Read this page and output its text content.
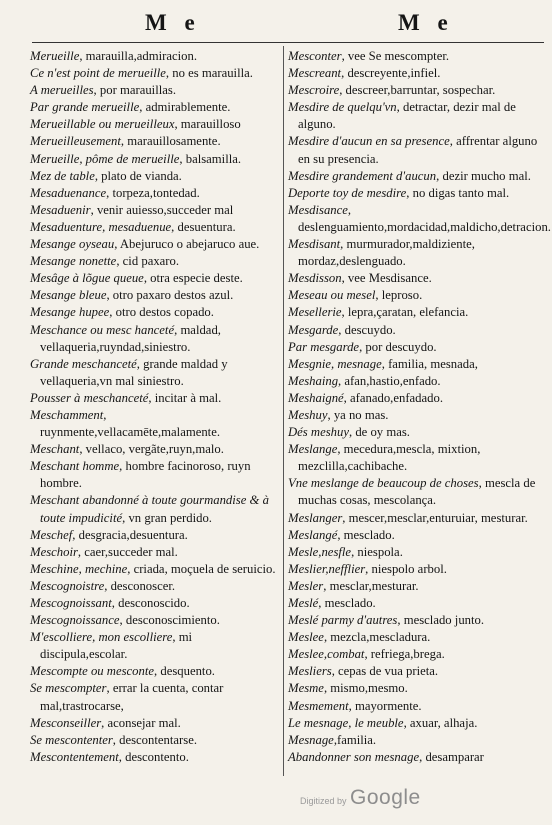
M e	M e

Merueille, marauilla,admiracion.

Ce n'est point de merueille, no es marauilla.

A merueilles, por marauillas.

Par grande merueille, admirablemente.

Merueillable ou merueilleux, marauilloso

Merueilleusement, marauillosamente.

Merueille, pôme de merueille, balsamilla.

Mez de table, plato de vianda.

Mesaduenance, torpeza,tontedad.

Mesaduenir, venir auiesso,succeder mal

Mesaduenture, mesaduenue, desuentura.

Mesange oyseau, Abejuruco o abejarucо aue.

Mesange nonette, cid paxaro.

Mesâge à lõgue queue, otra especie deste.

Mesange bleue, otro paxaro destos azul.

Mesange hupee, otro destos copado.

Meschance ou mesc hanceté, maldad, vellaqueria,ruyndad,siniestro.

Grande meschanceté, grande maldad y vellaqueria,vn mal siniestro.

Pousser à meschanceté, incitar à mal.

Meschamment, ruynmente,vellacamēte,malamente.

Meschant, vellaco, vergãte,ruyn,malo.

Meschant homme, hombre facinoroso, ruyn hombre.

Meschant abandonné à toute gourmandise & à toute impudicité, vn gran perdido.

Meschef, desgracia,desuentura.

Meschoir, caer,succeder mal.

Meschine, mechine, criada, moçuela de seruicio.

Mescognoistre, desconoscer.

Mescognoissant, desconoscido.

Mescognoissance, desconoscimiento.

M'escolliere, mon escolliere, mi discipula,escolar.

Mescompte ou mesconte, desquento.

Se mescompter, errar la cuenta, contar mal,trastrocarse,

Mesconseiller, aconsejar mal.

Se mescontenter, descontentarse.

Mescontentement, descontento.

Mesconter, vee Se mescompter.

Mescreant, descreyente,infiel.

Mescroire, descreer,barruntar, sospechar.

Mesdire de quelqu'vn, detractar, dezir mal de alguno.

Mesdire d'aucun en sa presence, affrentar alguno en su presencia.

Mesdire grandement d'aucun, dezir mucho mal.

Deporte toy de mesdire, no digas tanto mal.

Mesdisance, deslenguamiento,mordacidad,maldicho,detracion.

Mesdisant, murmurador,maldiziente, mordaz,deslenguado.

Mesdisson, vee Mesdisance.

Meseau ou mesel, leproso.

Mesellerie, lepra,çaratan, elefancia.

Mesgarde, descuydo.

Par mesgarde, por descuydo.

Mesgnie, mesnage, familia, mesnada,

Meshaing, afan,hastio,enfado.

Meshaigné, afanado,enfadado.

Meshuy, ya no mas.

Dés meshuy, de oy mas.

Meslange, mecedura,mescla, mixtion, mezclilla,cachibache.

Vne meslange de beaucoup de choses, mescla de muchas cosas, mescolança.

Meslanger, mescer,mesclar,enturuiar, mesturar.

Meslangé, mesclado.

Mesle,nesfle, niespola.

Meslier,nefflier, niespolo arbol.

Mesler, mesclar,mesturar.

Meslé, mesclado.

Meslé parmy d'autres, mesclado junto.

Meslee, mezcla,mescladura.

Meslee,combat, refriega,brega.

Mesliers, cepas de vua prieta.

Mesme, mismo,mesmo.

Mesmement, mayormente.

Le mesnage, le meuble, axuar, alhaja.

Mesnage,familia.

Abandonner son mesnage, desamparar

Digitized by Google
